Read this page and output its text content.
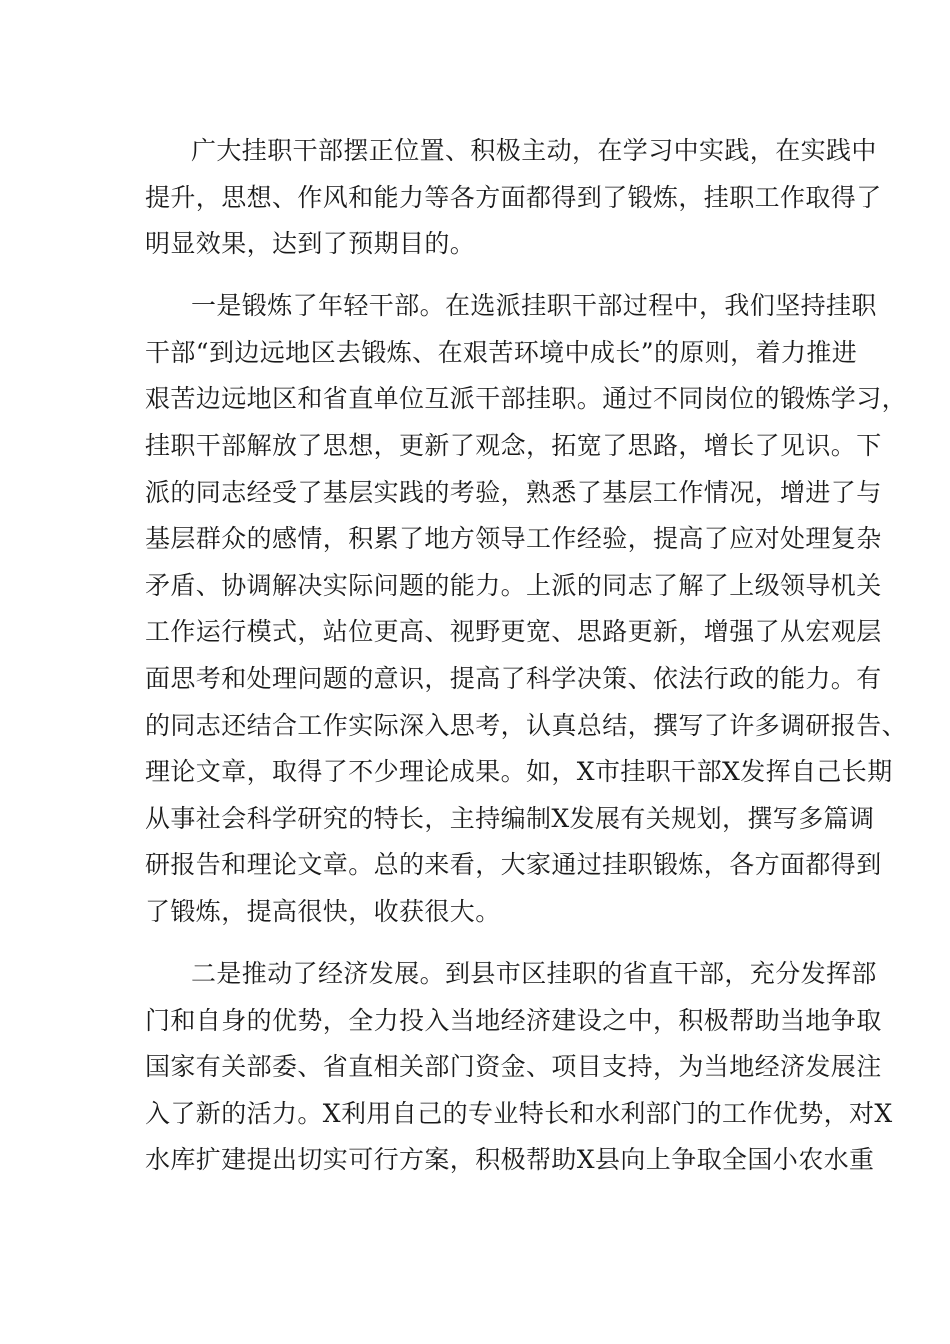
广大挂职干部摆正位置、积极主动，在学习中实践，在实践中
提升，思想、作风和能力等各方面都得到了锻炼，挂职工作取得了
明显效果，达到了预期目的。
一是锻炼了年轻干部。在选派挂职干部过程中，我们坚持挂职
干部“到边远地区去锻炼、在艰苦环境中成长”的原则，着力推进
艰苦边远地区和省直单位互派干部挂职。通过不同岗位的锻炼学习，
挂职干部解放了思想，更新了观念，拓宽了思路，增长了见识。下
派的同志经受了基层实践的考验，熟悉了基层工作情况，增进了与
基层群众的感情，积累了地方领导工作经验，提高了应对处理复杂
矛盾、协调解决实际问题的能力。上派的同志了解了上级领导机关
工作运行模式，站位更高、视野更宽、思路更新，增强了从宏观层
面思考和处理问题的意识，提高了科学决策、依法行政的能力。有
的同志还结合工作实际深入思考，认真总结，撰写了许多调研报告、
理论文章，取得了不少理论成果。如，X市挂职干部X发挥自己长期
从事社会科学研究的特长，主持编制X发展有关规划，撰写多篇调
研报告和理论文章。总的来看，大家通过挂职锻炼，各方面都得到
了锻炼，提高很快，收获很大。
二是推动了经济发展。到县市区挂职的省直干部，充分发挥部
门和自身的优势，全力投入当地经济建设之中，积极帮助当地争取
国家有关部委、省直相关部门资金、项目支持，为当地经济发展注
入了新的活力。X利用自己的专业特长和水利部门的工作优势，对X
水库扩建提出切实可行方案，积极帮助X县向上争取全国小农水重
